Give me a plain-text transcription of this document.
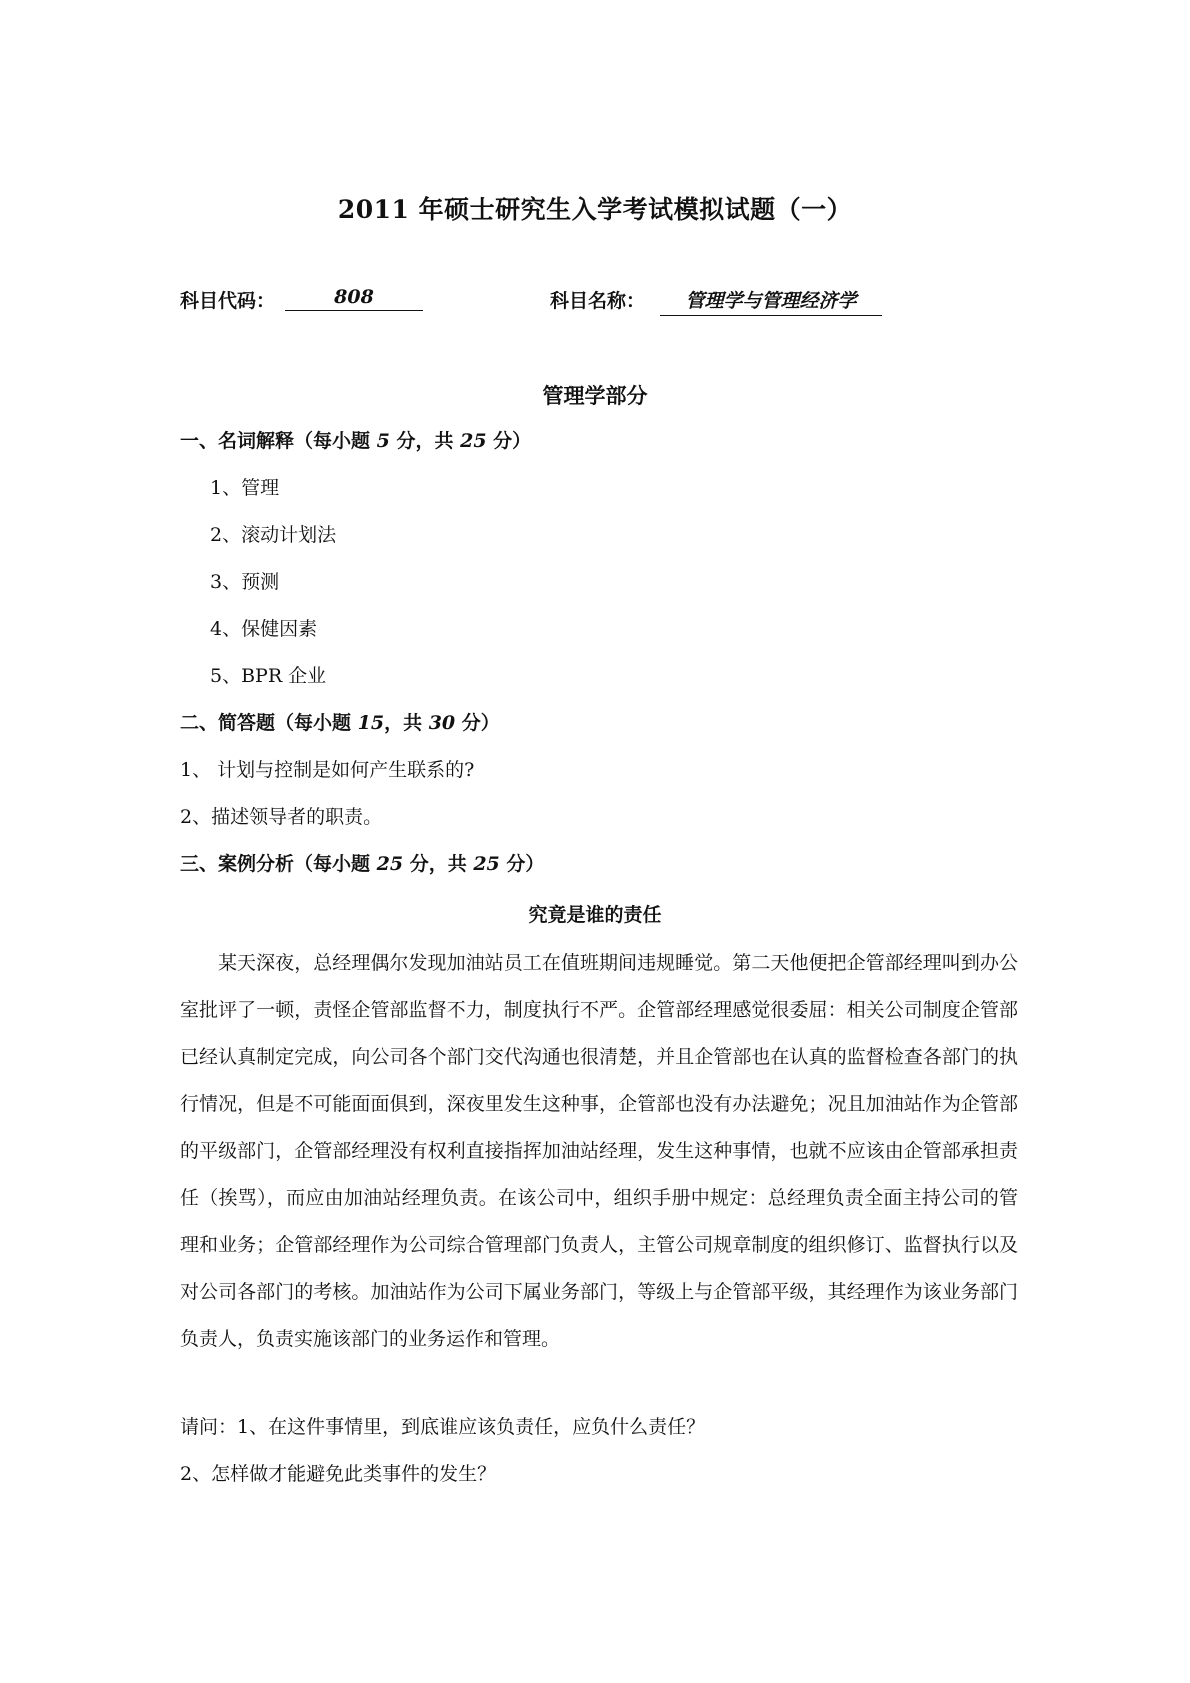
2011 年硕士研究生入学考试模拟试题（一）
科目代码：	808	科目名称：	管理学与管理经济学
管理学部分
一、名词解释（每小题 5 分，共 25 分）
1、管理
2、滚动计划法
3、预测
4、保健因素
5、BPR 企业
二、简答题（每小题 15，共 30 分）
1、 计划与控制是如何产生联系的?
2、描述领导者的职责。
三、案例分析（每小题 25 分，共 25 分）
究竟是谁的责任

某天深夜，总经理偶尔发现加油站员工在值班期间违规睡觉。第二天他便把企管部经理叫到办公室批评了一顿，责怪企管部监督不力，制度执行不严。企管部经理感觉很委屈：相关公司制度企管部已经认真制定完成，向公司各个部门交代沟通也很清楚，并且企管部也在认真的监督检查各部门的执行情况，但是不可能面面俱到，深夜里发生这种事，企管部也没有办法避免；况且加油站作为企管部的平级部门，企管部经理没有权利直接指挥加油站经理，发生这种事情，也就不应该由企管部承担责任（挨骂），而应由加油站经理负责。在该公司中，组织手册中规定：总经理负责全面主持公司的管理和业务；企管部经理作为公司综合管理部门负责人，主管公司规章制度的组织修订、监督执行以及对公司各部门的考核。加油站作为公司下属业务部门，等级上与企管部平级，其经理作为该业务部门负责人，负责实施该部门的业务运作和管理。

请问：1、在这件事情里，到底谁应该负责任，应负什么责任？
2、怎样做才能避免此类事件的发生？
